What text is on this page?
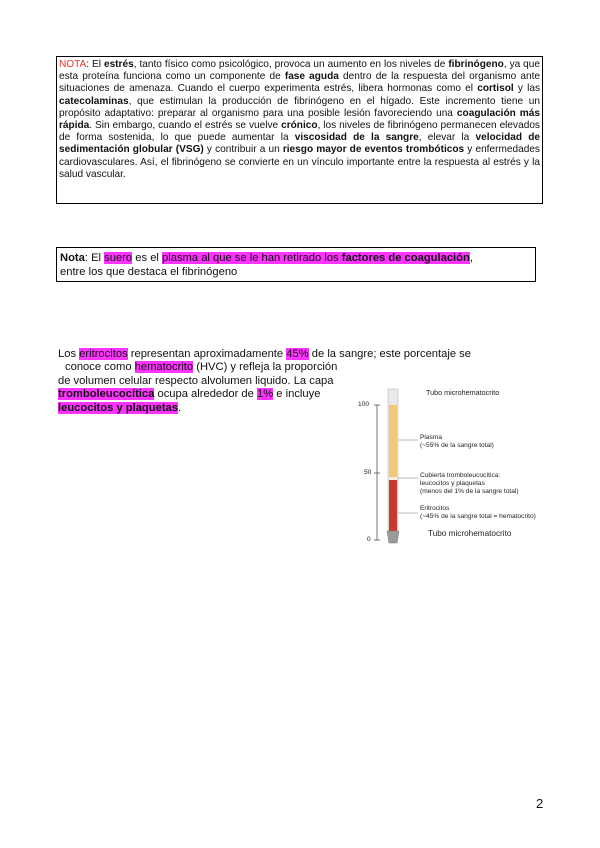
NOTA: El estrés, tanto físico como psicológico, provoca un aumento en los niveles de fibrinógeno, ya que esta proteína funciona como un componente de fase aguda dentro de la respuesta del organismo ante situaciones de amenaza. Cuando el cuerpo experimenta estrés, libera hormonas como el cortisol y las catecolaminas, que estimulan la producción de fibrinógeno en el hígado. Este incremento tiene un propósito adaptativo: preparar al organismo para una posible lesión favoreciendo una coagulación más rápida. Sin embargo, cuando el estrés se vuelve crónico, los niveles de fibrinógeno permanecen elevados de forma sostenida, lo que puede aumentar la viscosidad de la sangre, elevar la velocidad de sedimentación globular (VSG) y contribuir a un riesgo mayor de eventos trombóticos y enfermedades cardiovasculares. Así, el fibrinógeno se convierte en un vínculo importante entre la respuesta al estrés y la salud vascular.
Nota: El suero es el plasma al que se le han retirado los factores de coagulación,
entre los que destaca el fibrinógeno
Los eritrocitos representan aproximadamente 45% de la sangre; este porcentaje se
conoce como hematocrito (HVC) y refleja la proporción
de volumen celular respecto alvolumen liquido. La capa
tromboleucocítica ocupa alrededor de 1% e incluye
leucocitos y plaquetas.
Tubo microhematocrito
100
50
0
Plasma
(~55% de la sangre total)
Cubierta tromboleucocítica:
leucocitos y plaquetas
(menos del 1% de la sangre total)
Eritrocitos
(~45% de la sangre total = hematocrito)
Tubo microhematocrito
2
